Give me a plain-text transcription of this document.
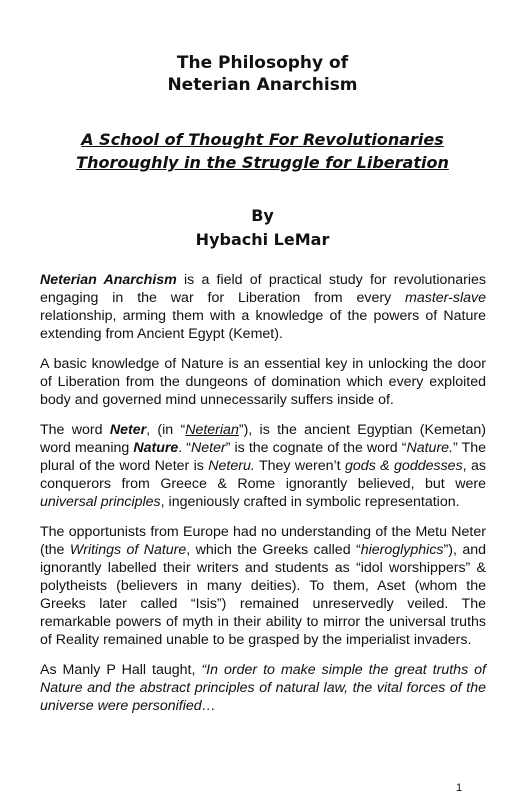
The Philosophy of
Neterian Anarchism
A School of Thought For Revolutionaries
Thoroughly in the Struggle for Liberation
By
Hybachi LeMar

Neterian Anarchism is a field of practical study for revolutionaries engaging in the war for Liberation from every master-slave relationship, arming them with a knowledge of the powers of Nature extending from Ancient Egypt (Kemet).

A basic knowledge of Nature is an essential key in unlocking the door of Liberation from the dungeons of domination which every exploited body and governed mind unnecessarily suffers inside of.

The word Neter, (in “Neterian”), is the ancient Egyptian (Kemetan) word meaning Nature. “Neter” is the cognate of the word “Nature.” The plural of the word Neter is Neteru. They weren’t gods & goddesses, as conquerors from Greece & Rome ignorantly believed, but were universal principles, ingeniously crafted in symbolic representation.

The opportunists from Europe had no understanding of the Metu Neter (the Writings of Nature, which the Greeks called “hieroglyphics”), and ignorantly labelled their writers and students as “idol worshippers” & polytheists (believers in many deities). To them, Aset (whom the Greeks later called “Isis”) remained unreservedly veiled. The remarkable powers of myth in their ability to mirror the universal truths of Reality remained unable to be grasped by the imperialist invaders.

As Manly P Hall taught, “In order to make simple the great truths of Nature and the abstract principles of natural law, the vital forces of the universe were personified…

1
